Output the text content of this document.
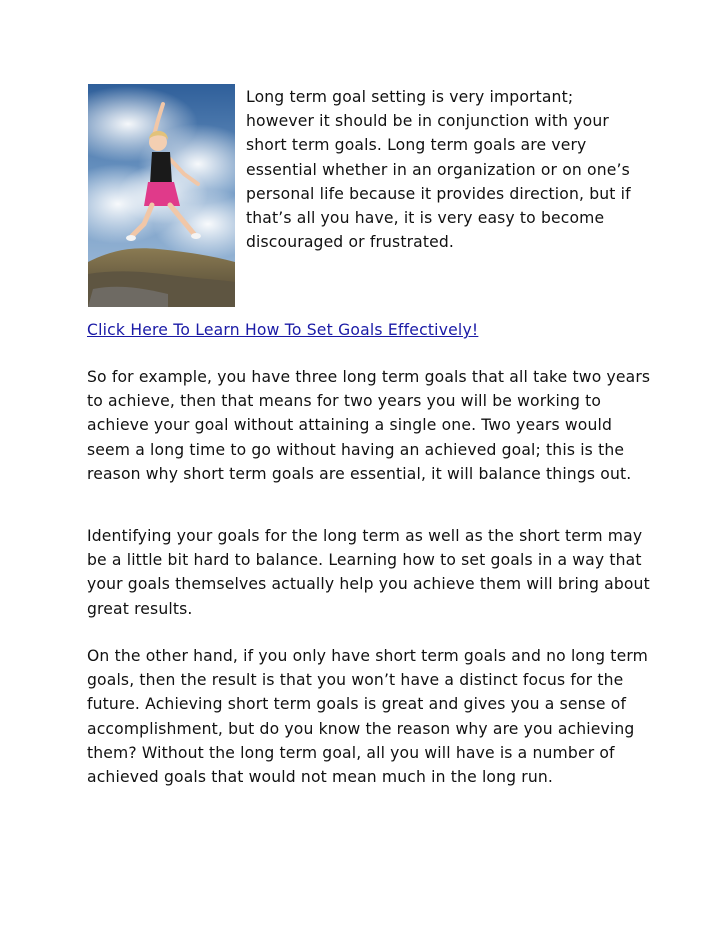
Long term goal setting is very important; however it should be in conjunction with your short term goals. Long term goals are very essential whether in an organization or on one’s personal life because it provides direction, but if that’s all you have, it is very easy to become discouraged or frustrated.

Click Here To Learn How To Set Goals Effectively!

So for example, you have three long term goals that all take two years to achieve, then that means for two years you will be working to achieve your goal without attaining a single one. Two years would seem a long time to go without having an achieved goal; this is the reason why short term goals are essential, it will balance things out.

Identifying your goals for the long term as well as the short term may be a little bit hard to balance. Learning how to set goals in a way that your goals themselves actually help you achieve them will bring about great results.

On the other hand, if you only have short term goals and no long term goals, then the result is that you won’t have a distinct focus for the future. Achieving short term goals is great and gives you a sense of accomplishment, but do you know the reason why are you achieving them? Without the long term goal, all you will have is a number of achieved goals that would not mean much in the long run.
